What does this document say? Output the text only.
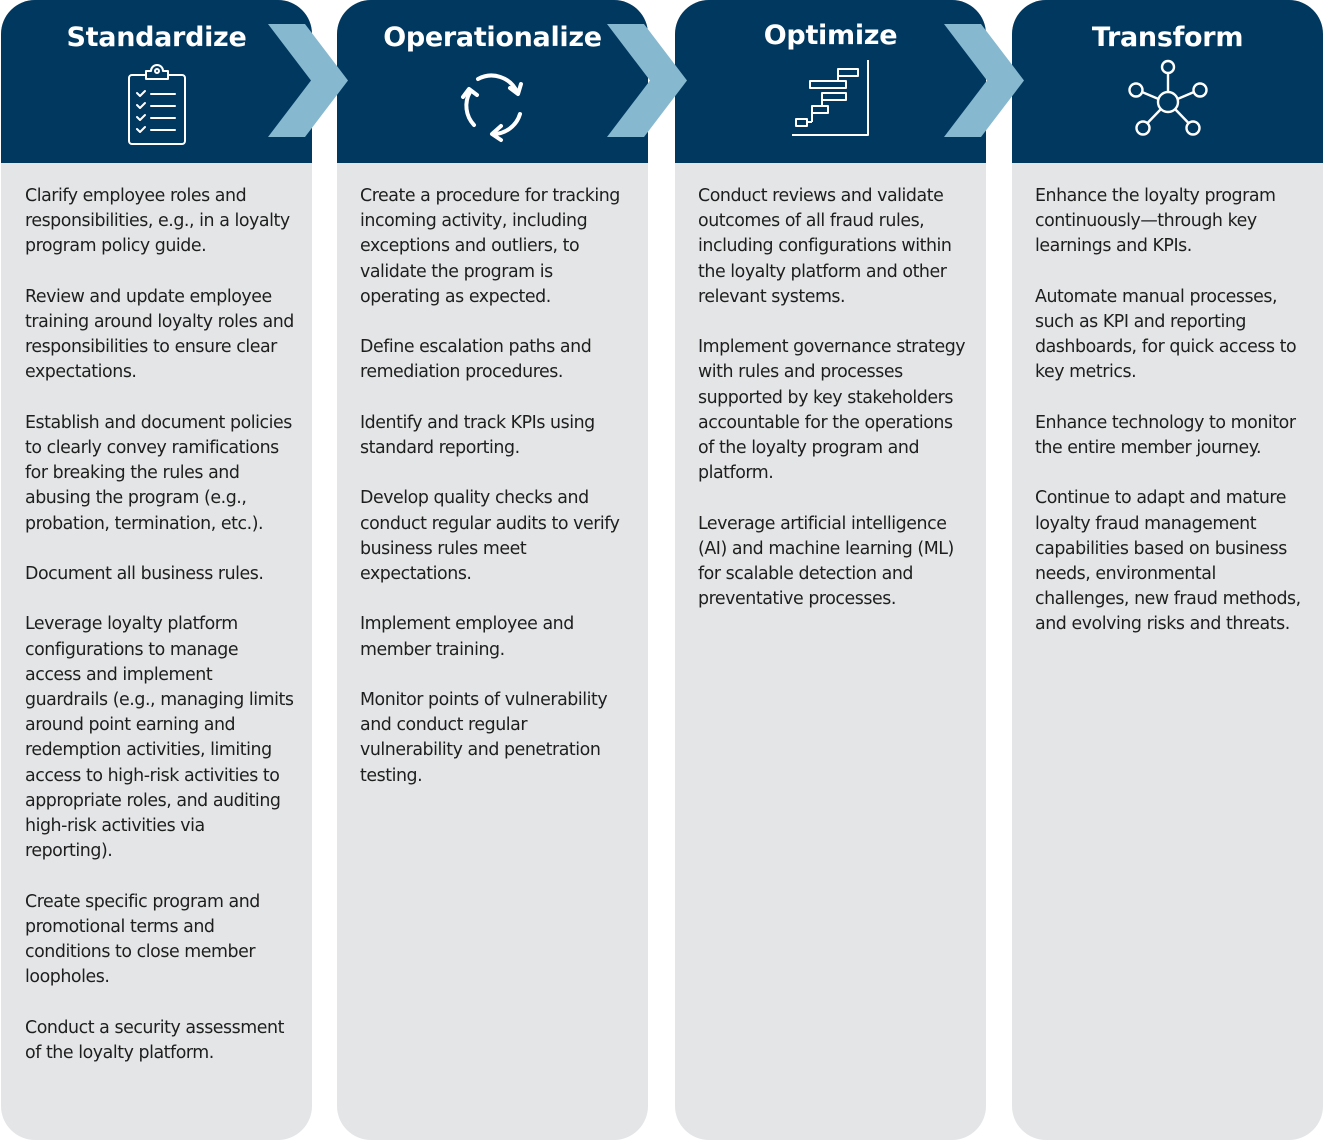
Standardize

Clarify employee roles and responsibilities, e.g., in a loyalty program policy guide.

Review and update employee training around loyalty roles and responsibilities to ensure clear expectations.

Establish and document policies to clearly convey ramifications for breaking the rules and abusing the program (e.g., probation, termination, etc.).

Document all business rules.

Leverage loyalty platform configurations to manage access and implement guardrails (e.g., managing limits around point earning and redemption activities, limiting access to high-risk activities to appropriate roles, and auditing high-risk activities via reporting).

Create specific program and promotional terms and conditions to close member loopholes.

Conduct a security assessment of the loyalty platform.

Operationalize

Create a procedure for tracking incoming activity, including exceptions and outliers, to validate the program is operating as expected.

Define escalation paths and remediation procedures.

Identify and track KPIs using standard reporting.

Develop quality checks and conduct regular audits to verify business rules meet expectations.

Implement employee and member training.

Monitor points of vulnerability and conduct regular vulnerability and penetration testing.

Optimize

Conduct reviews and validate outcomes of all fraud rules, including configurations within the loyalty platform and other relevant systems.

Implement governance strategy with rules and processes supported by key stakeholders accountable for the operations of the loyalty program and platform.

Leverage artificial intelligence (AI) and machine learning (ML) for scalable detection and preventative processes.

Transform

Enhance the loyalty program continuously—through key learnings and KPIs.

Automate manual processes, such as KPI and reporting dashboards, for quick access to key metrics.

Enhance technology to monitor the entire member journey.

Continue to adapt and mature loyalty fraud management capabilities based on business needs, environmental challenges, new fraud methods, and evolving risks and threats.
